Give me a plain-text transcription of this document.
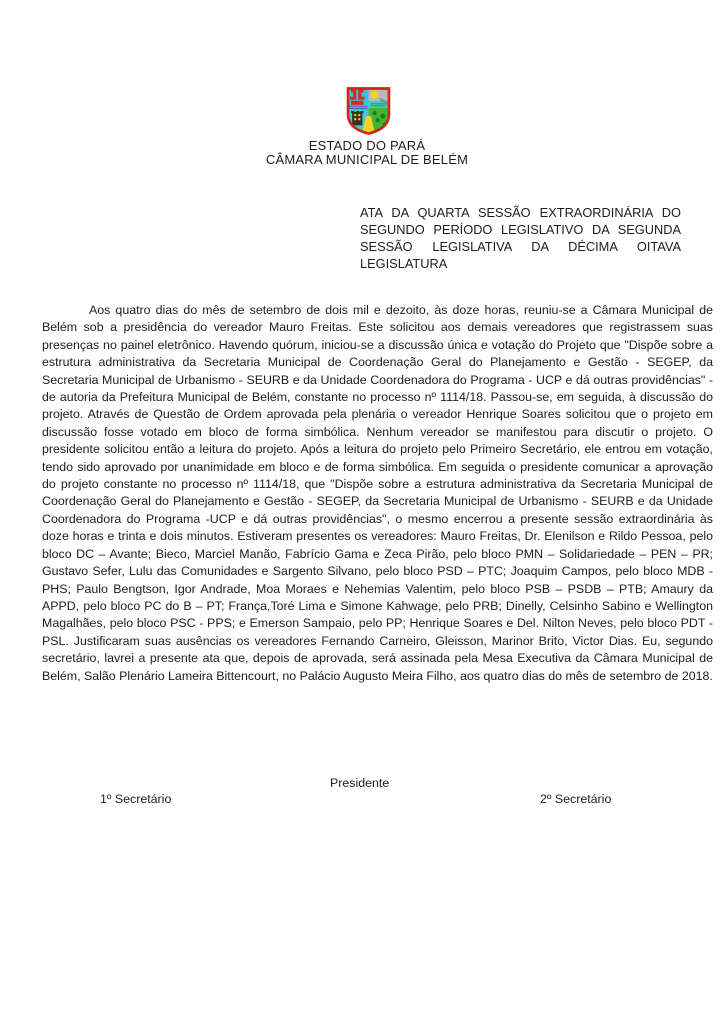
ESTADO DO PARÁ
CÂMARA MUNICIPAL DE BELÉM
ATA DA QUARTA SESSÃO EXTRAORDINÁRIA DO SEGUNDO PERÍODO LEGISLATIVO DA SEGUNDA SESSÃO LEGISLATIVA DA DÉCIMA OITAVA LEGISLATURA

Aos quatro dias do mês de setembro de dois mil e dezoito, às doze horas, reuniu-se a Câmara Municipal de Belém sob a presidência do vereador Mauro Freitas. Este solicitou aos demais vereadores que registrassem suas presenças no painel eletrônico. Havendo quórum, iniciou-se a discussão única e votação do Projeto que "Dispõe sobre a estrutura administrativa da Secretaria Municipal de Coordenação Geral do Planejamento e Gestão - SEGEP, da Secretaria Municipal de Urbanismo - SEURB e da Unidade Coordenadora do Programa - UCP e dá outras providências" - de autoria da Prefeitura Municipal de Belém, constante no processo nº 1114/18. Passou-se, em seguida, à discussão do projeto. Através de Questão de Ordem aprovada pela plenária o vereador Henrique Soares solicitou que o projeto em discussão fosse votado em bloco de forma simbólica. Nenhum vereador se manifestou para discutir o projeto. O presidente solicitou então a leitura do projeto. Após a leitura do projeto pelo Primeiro Secretário, ele entrou em votação, tendo sido aprovado por unanimidade em bloco e de forma simbólica. Em seguida o presidente comunicar a aprovação do projeto constante no processo nº 1114/18, que "Dispõe sobre a estrutura administrativa da Secretaria Municipal de Coordenação Geral do Planejamento e Gestão - SEGEP, da Secretaria Municipal de Urbanismo - SEURB e da Unidade Coordenadora do Programa -UCP e dá outras providências", o mesmo encerrou a presente sessão extraordinária às doze horas e trinta e dois minutos. Estiveram presentes os vereadores: Mauro Freitas, Dr. Elenilson e Rildo Pessoa, pelo bloco DC – Avante; Bieco, Marciel Manão, Fabrício Gama e Zeca Pirão, pelo bloco PMN – Solidariedade – PEN – PR; Gustavo Sefer, Lulu das Comunidades e Sargento Silvano, pelo bloco PSD – PTC; Joaquim Campos, pelo bloco MDB - PHS; Paulo Bengtson, Igor Andrade, Moa Moraes e Nehemias Valentim, pelo bloco PSB – PSDB – PTB; Amaury da APPD, pelo bloco PC do B – PT; França,Toré Lima e Simone Kahwage, pelo PRB; Dinelly, Celsinho Sabino e Wellington Magalhães, pelo bloco PSC - PPS; e Emerson Sampaio, pelo PP; Henrique Soares e Del. Nilton Neves, pelo bloco PDT - PSL. Justificaram suas ausências os vereadores Fernando Carneiro, Gleisson, Marinor Brito, Victor Dias. Eu, segundo secretário, lavrei a presente ata que, depois de aprovada, será assinada pela Mesa Executiva da Câmara Municipal de Belém, Salão Plenário Lameira Bittencourt, no Palácio Augusto Meira Filho, aos quatro dias do mês de setembro de 2018.

Presidente
1º Secretário	2º Secretário
